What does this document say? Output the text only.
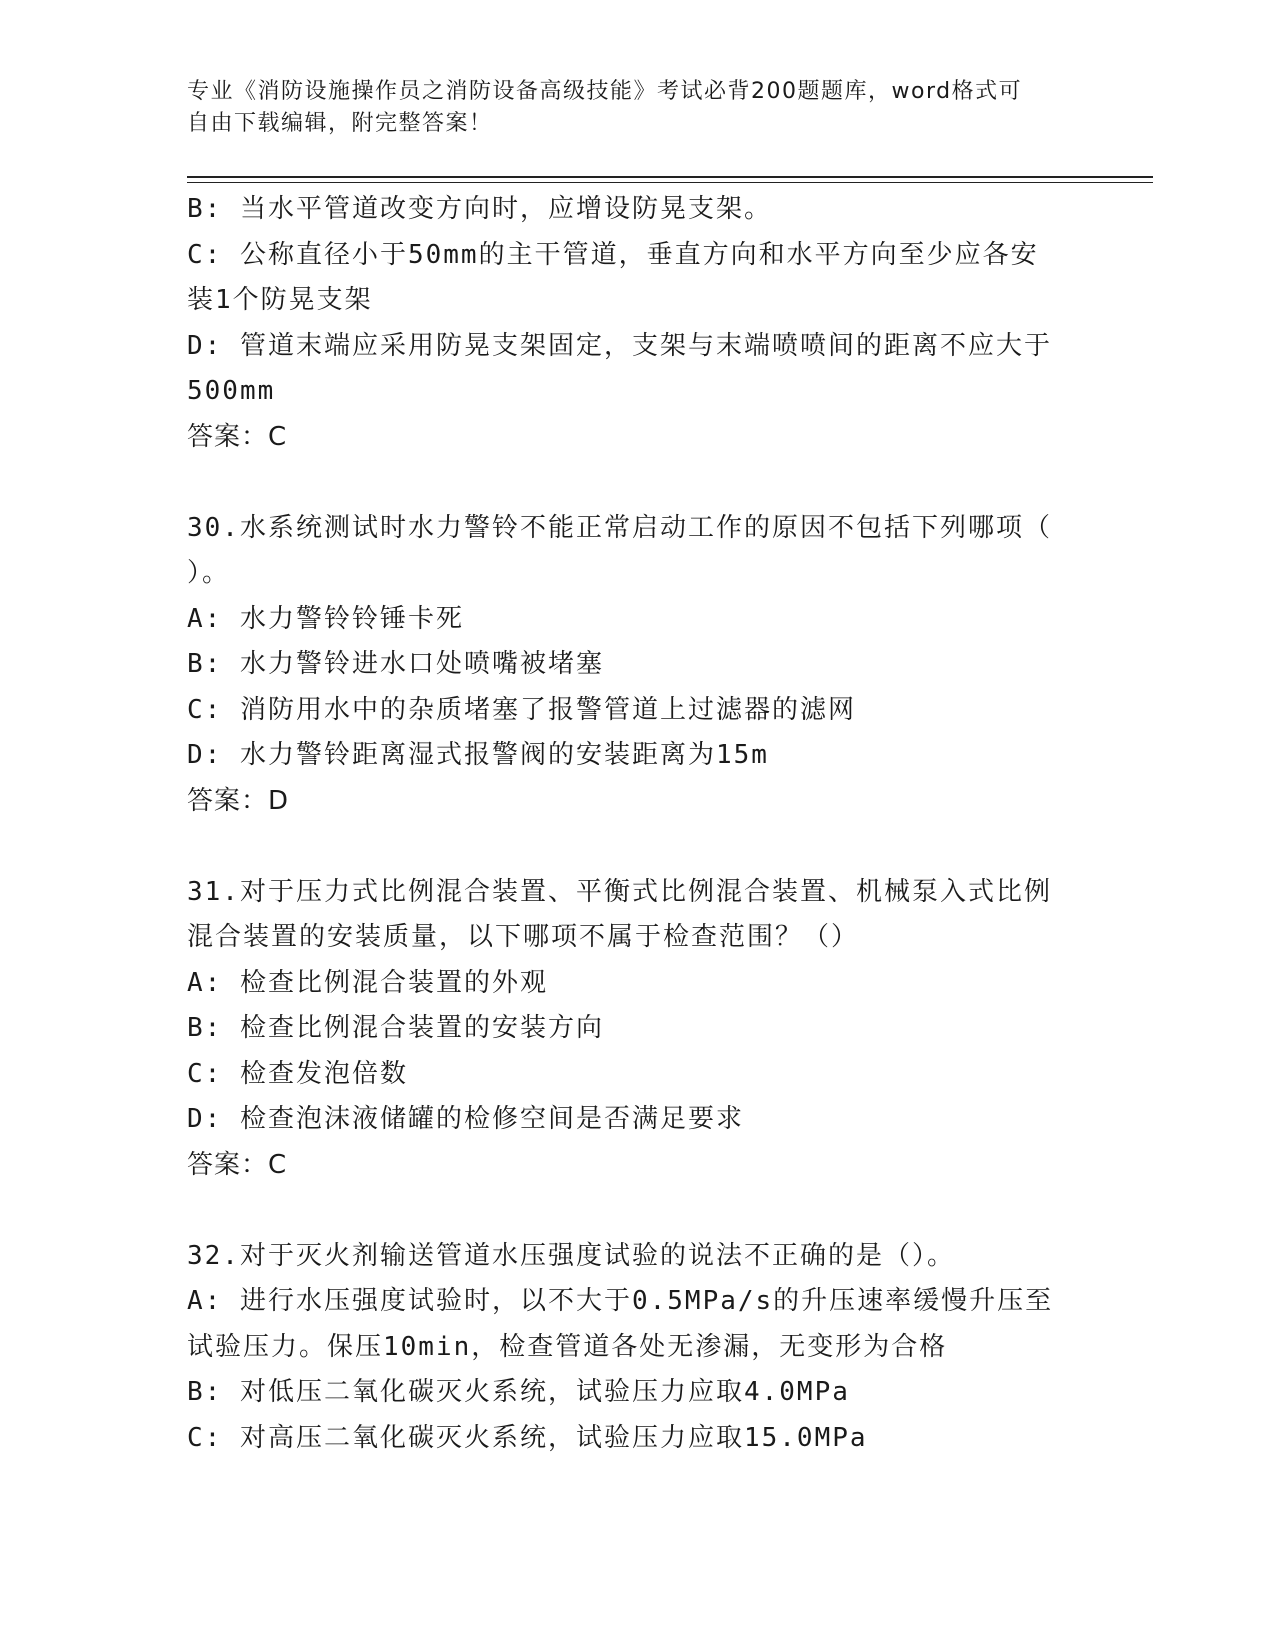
专业《消防设施操作员之消防设备高级技能》考试必背200题题库，word格式可
自由下载编辑，附完整答案！

B: 当水平管道改变方向时，应增设防晃支架。

C: 公称直径小于50mm的主干管道，垂直方向和水平方向至少应各安

装1个防晃支架

D: 管道末端应采用防晃支架固定，支架与末端喷喷间的距离不应大于

500mm

答案：C

30.水系统测试时水力警铃不能正常启动工作的原因不包括下列哪项（

）。

A: 水力警铃铃锤卡死

B: 水力警铃进水口处喷嘴被堵塞

C: 消防用水中的杂质堵塞了报警管道上过滤器的滤网

D: 水力警铃距离湿式报警阀的安装距离为15m

答案：D

31.对于压力式比例混合装置、平衡式比例混合装置、机械泵入式比例

混合装置的安装质量，以下哪项不属于检查范围？（）

A: 检查比例混合装置的外观

B: 检查比例混合装置的安装方向

C: 检查发泡倍数

D: 检查泡沫液储罐的检修空间是否满足要求

答案：C

32.对于灭火剂输送管道水压强度试验的说法不正确的是（）。

A: 进行水压强度试验时，以不大于0.5MPa/s的升压速率缓慢升压至

试验压力。保压10min，检查管道各处无渗漏，无变形为合格

B: 对低压二氧化碳灭火系统，试验压力应取4.0MPa

C: 对高压二氧化碳灭火系统，试验压力应取15.0MPa
